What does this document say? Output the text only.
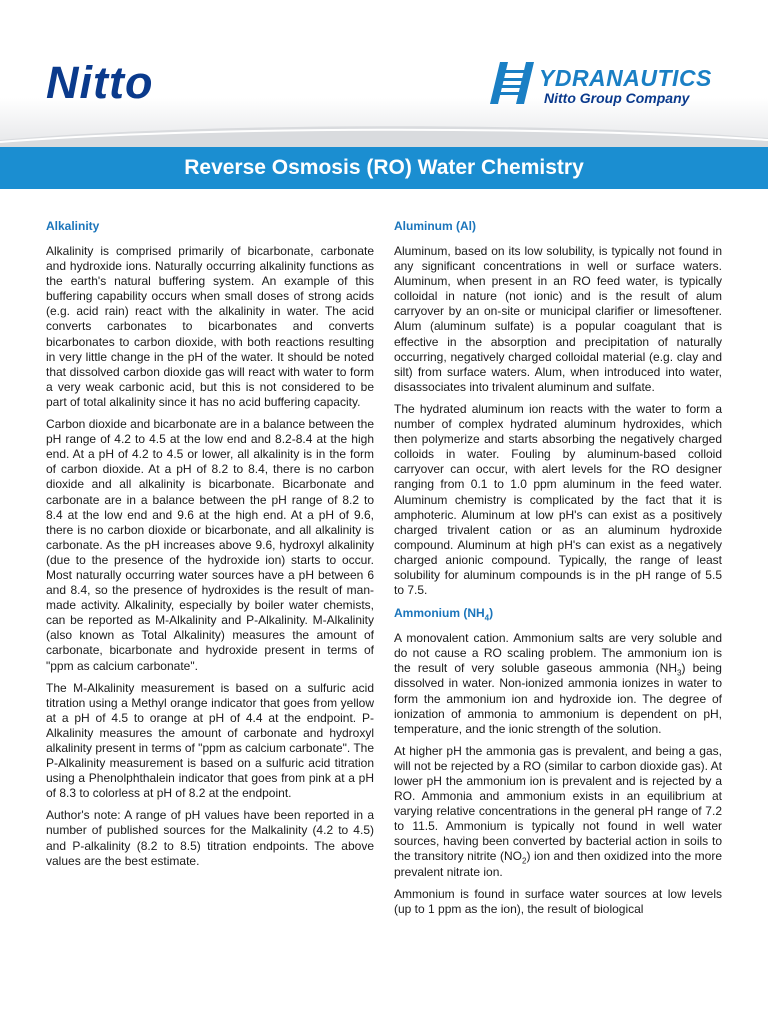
Nitto	YDRANAUTICS
Nitto Group Company
Reverse Osmosis (RO) Water Chemistry
Alkalinity

Alkalinity is comprised primarily of bicarbonate, carbonate and hydroxide ions. Naturally occurring alkalinity functions as the earth's natural buffering system. An example of this buffering capability occurs when small doses of strong acids (e.g. acid rain) react with the alkalinity in water. The acid converts carbonates to bicarbonates and converts bicarbonates to carbon dioxide, with both reactions resulting in very little change in the pH of the water. It should be noted that dissolved carbon dioxide gas will react with water to form a very weak carbonic acid, but this is not considered to be part of total alkalinity since it has no acid buffering capacity.

Carbon dioxide and bicarbonate are in a balance between the pH range of 4.2 to 4.5 at the low end and 8.2-8.4 at the high end. At a pH of 4.2 to 4.5 or lower, all alkalinity is in the form of carbon dioxide. At a pH of 8.2 to 8.4, there is no carbon dioxide and all alkalinity is bicarbonate. Bicarbonate and carbonate are in a balance between the pH range of 8.2 to 8.4 at the low end and 9.6 at the high end. At a pH of 9.6, there is no carbon dioxide or bicarbonate, and all alkalinity is carbonate. As the pH increases above 9.6, hydroxyl alkalinity (due to the presence of the hydroxide ion) starts to occur. Most naturally occurring water sources have a pH between 6 and 8.4, so the presence of hydroxides is the result of man-made activity. Alkalinity, especially by boiler water chemists, can be reported as M-Alkalinity and P-Alkalinity. M-Alkalinity (also known as Total Alkalinity) measures the amount of carbonate, bicarbonate and hydroxide present in terms of "ppm as calcium carbonate".

The M-Alkalinity measurement is based on a sulfuric acid titration using a Methyl orange indicator that goes from yellow at a pH of 4.5 to orange at pH of 4.4 at the endpoint. P-Alkalinity measures the amount of carbonate and hydroxyl alkalinity present in terms of "ppm as calcium carbonate". The P-Alkalinity measurement is based on a sulfuric acid titration using a Phenolphthalein indicator that goes from pink at a pH of 8.3 to colorless at pH of 8.2 at the endpoint.

Author's note: A range of pH values have been reported in a number of published sources for the Malkalinity (4.2 to 4.5) and P-alkalinity (8.2 to 8.5) titration endpoints. The above values are the best estimate.

Aluminum (Al)

Aluminum, based on its low solubility, is typically not found in any significant concentrations in well or surface waters. Aluminum, when present in an RO feed water, is typically colloidal in nature (not ionic) and is the result of alum carryover by an on-site or municipal clarifier or limesoftener. Alum (aluminum sulfate) is a popular coagulant that is effective in the absorption and precipitation of naturally occurring, negatively charged colloidal material (e.g. clay and silt) from surface waters. Alum, when introduced into water, disassociates into trivalent aluminum and sulfate.

The hydrated aluminum ion reacts with the water to form a number of complex hydrated aluminum hydroxides, which then polymerize and starts absorbing the negatively charged colloids in water. Fouling by aluminum-based colloid carryover can occur, with alert levels for the RO designer ranging from 0.1 to 1.0 ppm aluminum in the feed water. Aluminum chemistry is complicated by the fact that it is amphoteric. Aluminum at low pH's can exist as a positively charged trivalent cation or as an aluminum hydroxide compound. Aluminum at high pH's can exist as a negatively charged anionic compound. Typically, the range of least solubility for aluminum compounds is in the pH range of 5.5 to 7.5.

Ammonium $(NH_4)$

A monovalent cation. Ammonium salts are very soluble and do not cause a RO scaling problem. The ammonium ion is the result of very soluble gaseous ammonia $(NH_3)$ being dissolved in water. Non-ionized ammonia ionizes in water to form the ammonium ion and hydroxide ion. The degree of ionization of ammonia to ammonium is dependent on pH, temperature, and the ionic strength of the solution.

At higher pH the ammonia gas is prevalent, and being a gas, will not be rejected by a RO (similar to carbon dioxide gas). At lower pH the ammonium ion is prevalent and is rejected by a RO. Ammonia and ammonium exists in an equilibrium at varying relative concentrations in the general pH range of 7.2 to 11.5. Ammonium is typically not found in well water sources, having been converted by bacterial action in soils to the transitory nitrite $(NO_2)$ ion and then oxidized into the more prevalent nitrate ion.

Ammonium is found in surface water sources at low levels (up to 1 ppm as the ion), the result of biological
